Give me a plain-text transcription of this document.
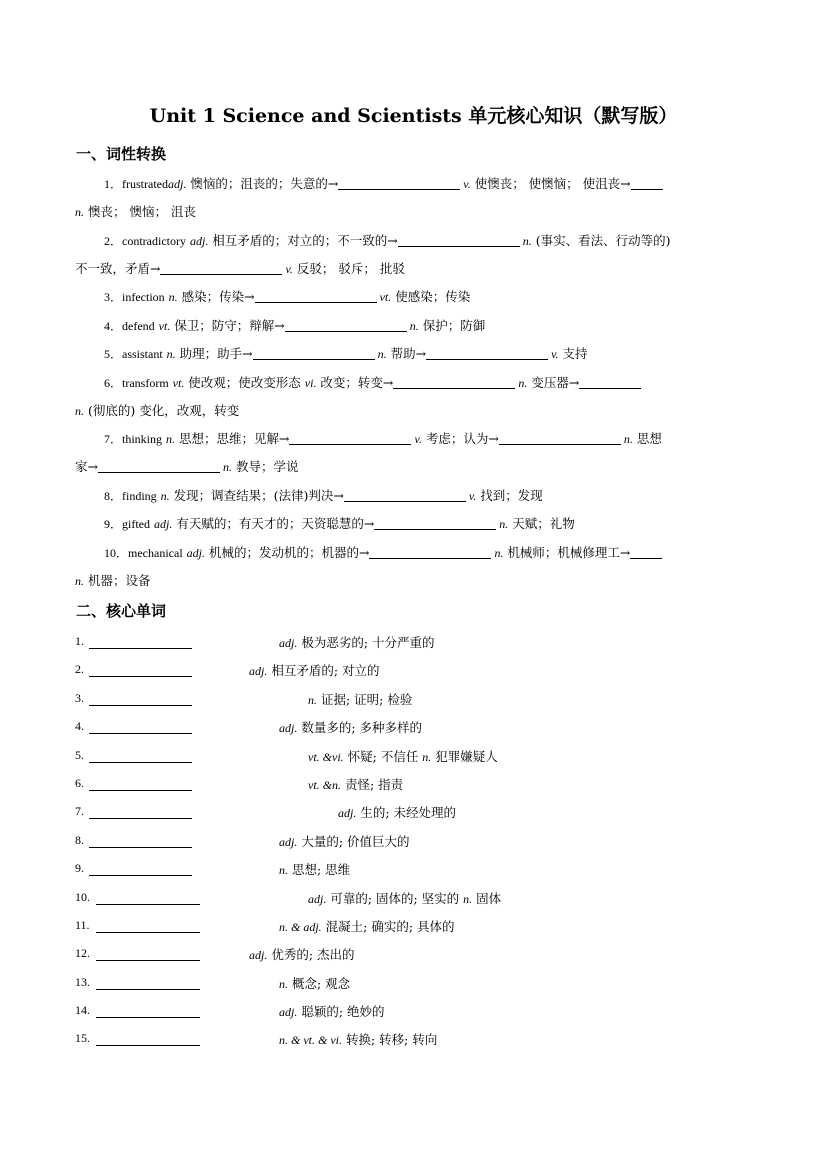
Unit 1 Science and Scientists 单元核心知识（默写版）
一、词性转换
1．frustratedadj. 懊恼的；沮丧的；失意的→	v. 使懊丧； 使懊恼； 使沮丧→
n. 懊丧； 懊恼； 沮丧
2．contradictory adj. 相互矛盾的；对立的；不一致的→	n. (事实、看法、行动等的)
不一致，矛盾→	v. 反驳； 驳斥； 批驳
3．infection n. 感染；传染→	vt. 使感染；传染
4．defend vt. 保卫；防守；辩解→	n. 保护；防御
5．assistant n. 助理；助手→	n. 帮助→	v. 支持
6．transform vt. 使改观；使改变形态 vi. 改变；转变→	n. 变压器→
n. (彻底的) 变化，改观，转变
7．thinking n. 思想；思维；见解→	v. 考虑；认为→	n. 思想
家→	n. 教导；学说
8．finding n. 发现；调查结果；(法律)判决→	v. 找到；发现
9．gifted adj. 有天赋的；有天才的；天资聪慧的→	n. 天赋；礼物
10．mechanical adj. 机械的；发动机的；机器的→	n. 机械师；机械修理工→
n. 机器；设备
二、核心单词
1.	adj. 极为恶劣的; 十分严重的
2.	adj. 相互矛盾的; 对立的
3.	n. 证据; 证明; 检验
4.	adj. 数量多的; 多种多样的
5.	vt. &vi. 怀疑; 不信任 n. 犯罪嫌疑人
6.	vt. &n. 责怪; 指责
7.	adj. 生的; 未经处理的
8.	adj. 大量的; 价值巨大的
9.	n. 思想; 思维
10.	adj. 可靠的; 固体的; 坚实的 n. 固体
11.	n. & adj. 混凝土; 确实的; 具体的
12.	adj. 优秀的; 杰出的
13.	n. 概念; 观念
14.	adj. 聪颖的; 绝妙的
15.	n. & vt. & vi. 转换; 转移; 转向
